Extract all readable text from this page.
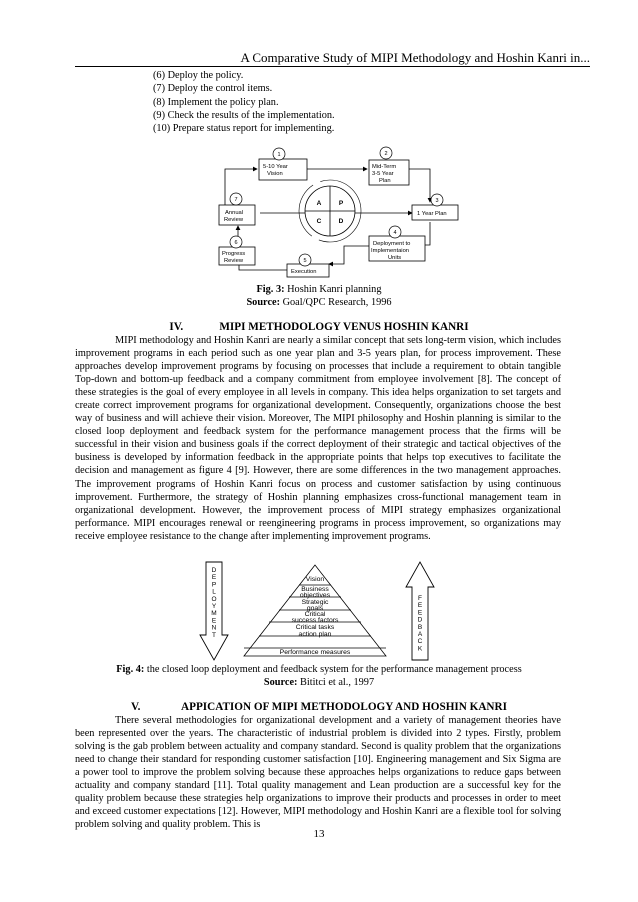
A Comparative Study of MIPI Methodology and Hoshin Kanri in...
(6) Deploy the policy.
(7) Deploy the control items.
(8) Implement the policy plan.
(9) Check the results of the implementation.
(10) Prepare status report for implementing.
1	2
3
4
5
6
7
5-10 Year
Vision
Mid-Term
3-5 Year
Plan
1 Year Plan
Deployment to
Implementaion
Units
Execution
Progress
Review
Annual
Review
A	P
C	D
Fig. 3: Hoshin Kanri planning
Source: Goal/QPC Research, 1996
IV.	MIPI METHODOLOGY VENUS HOSHIN KANRI

MIPI methodology and Hoshin Kanri are nearly a similar concept that sets long-term vision, which includes improvement programs in each period such as one year plan and 3-5 years plan, for process improvement. These approaches develop improvement programs by focusing on processes that include a requirement to obtain tangible Top-down and bottom-up feedback and a company commitment from employee involvement [8]. The concept of these strategies is the goal of every employee in all levels in company. This idea helps organization to set targets and create correct improvement programs for organizational development. Consequently, organizations choose the best way of business and will achieve their vision. Moreover, The MIPI philosophy and Hoshin planning is similar to the closed loop deployment and feedback system for the performance management process that the firms will be successful in their vision and business goals if the correct deployment of their strategic and tactical objectives of the business is developed by information feedback in the appropriate points that helps top executives to facilitate the decision and management as figure 4 [9]. However, there are some differences in the two management approaches. The improvement programs of Hoshin Kanri focus on process and customer satisfaction by using continuous improvement. Furthermore, the strategy of Hoshin planning emphasizes cross-functional management team in organizational development. However, the improvement process of MIPI strategy emphasizes organizational performance. MIPI encourages renewal or reengineering programs in process improvement, so organizations may receive employee resistance to the change after implementing improvement programs.

Vision
Business
objectives
Strategic
goals
Critical
success factors
Critical tasks
action plan
Performance measures
D
E
P
L
O
Y
M
E
N
T
F
E
E
D
B
A
C
K
Fig. 4: the closed loop deployment and feedback system for the performance management process
Source: Bititci et al., 1997
V.	APPICATION OF MIPI METHODOLOGY AND HOSHIN KANRI

There several methodologies for organizational development and a variety of management theories have been represented over the years. The characteristic of industrial problem is divided into 2 types. Firstly, problem solving is the gab problem between actuality and company standard. Second is quality problem that the organizations need to change their standard for responding customer satisfaction [10]. Engineering management and Six Sigma are a power tool to improve the problem solving because these approaches helps organizations to reduce gaps between actuality and company standard [11]. Total quality management and Lean production are a successful key for the quality problem because these strategies help organizations to improve their products and processes in order to meet and exceed customer expectations [12]. However, MIPI methodology and Hoshin Kanri are a flexible tool for solving problem solving and quality problem. This is

13
